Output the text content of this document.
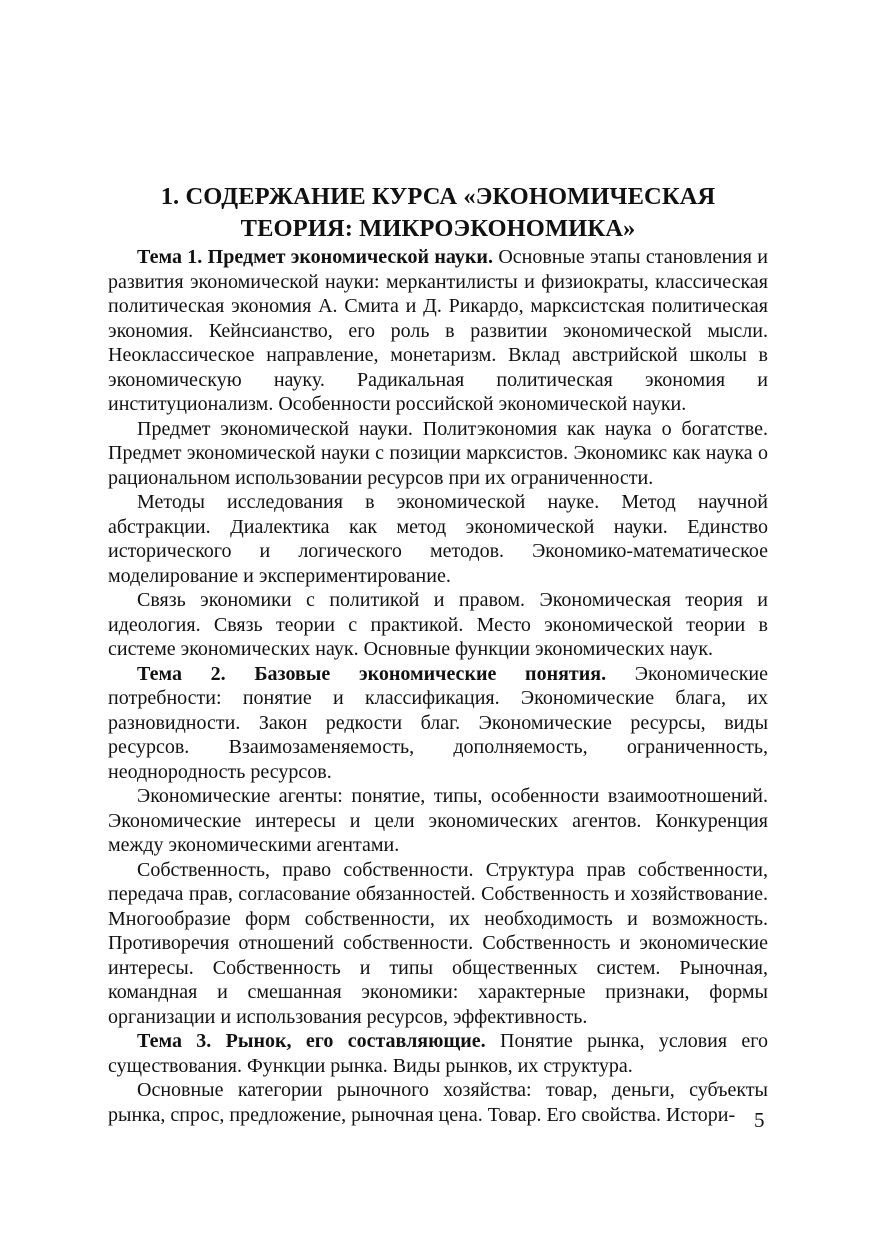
1. СОДЕРЖАНИЕ КУРСА «ЭКОНОМИЧЕСКАЯ
ТЕОРИЯ: МИКРОЭКОНОМИКА»

Тема 1. Предмет экономической науки. Основные этапы становления и развития экономической науки: меркантилисты и физиократы, классическая политическая экономия А. Смита и Д. Рикардо, марксистская политическая экономия. Кейнсианство, его роль в развитии экономической мысли. Неоклассическое направление, монетаризм. Вклад австрийской школы в экономическую науку. Радикальная политическая экономия и институционализм. Особенности российской экономической науки.

Предмет экономической науки. Политэкономия как наука о богатстве. Предмет экономической науки с позиции марксистов. Экономикс как наука о рациональном использовании ресурсов при их ограниченности.

Методы исследования в экономической науке. Метод научной абстракции. Диалектика как метод экономической науки. Единство исторического и логического методов. Экономико-математическое моделирование и экспериментирование.

Связь экономики с политикой и правом. Экономическая теория и идеология. Связь теории с практикой. Место экономической теории в системе экономических наук. Основные функции экономических наук.

Тема 2. Базовые экономические понятия. Экономические потребности: понятие и классификация. Экономические блага, их разновидности. Закон редкости благ. Экономические ресурсы, виды ресурсов. Взаимозаменяемость, дополняемость, ограниченность, неоднородность ресурсов.

Экономические агенты: понятие, типы, особенности взаимоотношений. Экономические интересы и цели экономических агентов. Конкуренция между экономическими агентами.

Собственность, право собственности. Структура прав собственности, передача прав, согласование обязанностей. Собственность и хозяйствование. Многообразие форм собственности, их необходимость и возможность. Противоречия отношений собственности. Собственность и экономические интересы. Собственность и типы общественных систем. Рыночная, командная и смешанная экономики: характерные признаки, формы организации и использования ресурсов, эффективность.

Тема 3. Рынок, его составляющие. Понятие рынка, условия его существования. Функции рынка. Виды рынков, их структура.

Основные категории рыночного хозяйства: товар, деньги, субъекты рынка, спрос, предложение, рыночная цена. Товар. Его свойства. Истори- 5
